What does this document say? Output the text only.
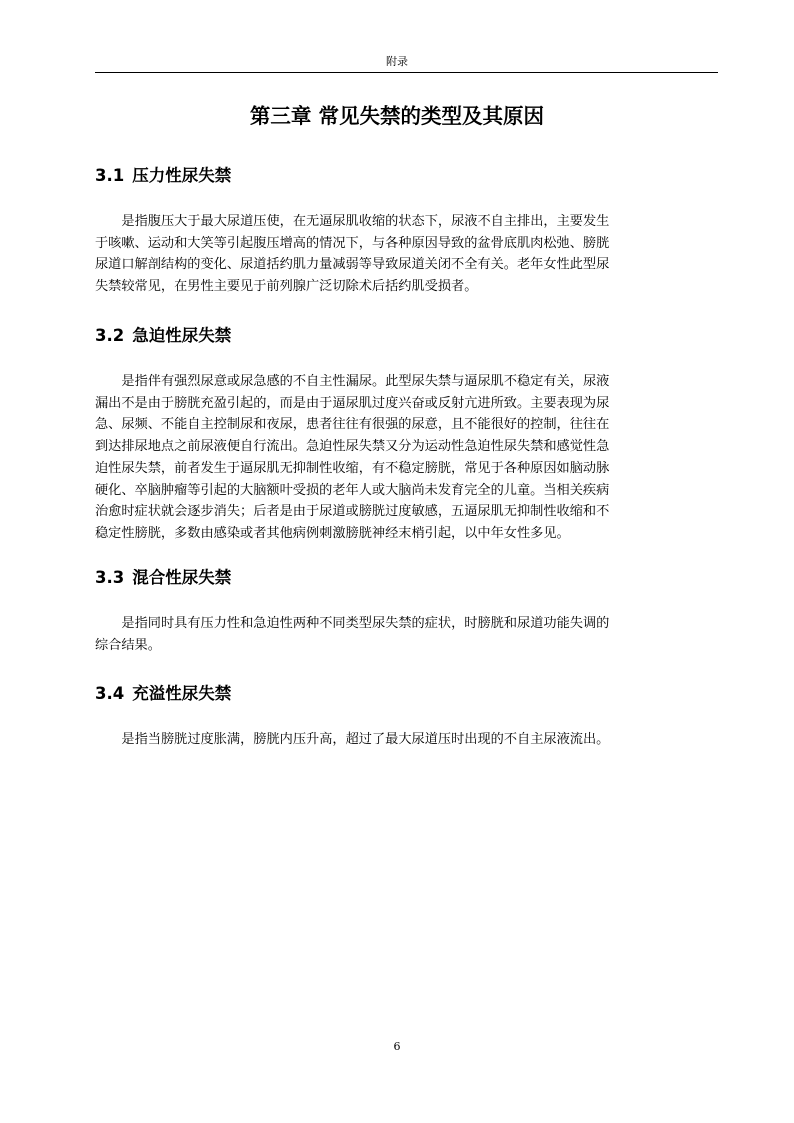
附录
第三章 常见失禁的类型及其原因
3.1 压力性尿失禁

是指腹压大于最大尿道压使，在无逼尿肌收缩的状态下，尿液不自主排出，主要发生
于咳嗽、运动和大笑等引起腹压增高的情况下，与各种原因导致的盆骨底肌肉松弛、膀胱
尿道口解剖结构的变化、尿道括约肌力量减弱等导致尿道关闭不全有关。老年女性此型尿
失禁较常见，在男性主要见于前列腺广泛切除术后括约肌受损者。

3.2 急迫性尿失禁

是指伴有强烈尿意或尿急感的不自主性漏尿。此型尿失禁与逼尿肌不稳定有关，尿液
漏出不是由于膀胱充盈引起的，而是由于逼尿肌过度兴奋或反射亢进所致。主要表现为尿
急、尿频、不能自主控制尿和夜尿，患者往往有很强的尿意，且不能很好的控制，往往在
到达排尿地点之前尿液便自行流出。急迫性尿失禁又分为运动性急迫性尿失禁和感觉性急
迫性尿失禁，前者发生于逼尿肌无抑制性收缩，有不稳定膀胱，常见于各种原因如脑动脉
硬化、卒脑肿瘤等引起的大脑额叶受损的老年人或大脑尚未发育完全的儿童。当相关疾病
治愈时症状就会逐步消失；后者是由于尿道或膀胱过度敏感，五逼尿肌无抑制性收缩和不
稳定性膀胱，多数由感染或者其他病例刺激膀胱神经末梢引起，以中年女性多见。

3.3 混合性尿失禁

是指同时具有压力性和急迫性两种不同类型尿失禁的症状，时膀胱和尿道功能失调的
综合结果。

3.4 充溢性尿失禁

是指当膀胱过度胀满，膀胱内压升高，超过了最大尿道压时出现的不自主尿液流出。

6
